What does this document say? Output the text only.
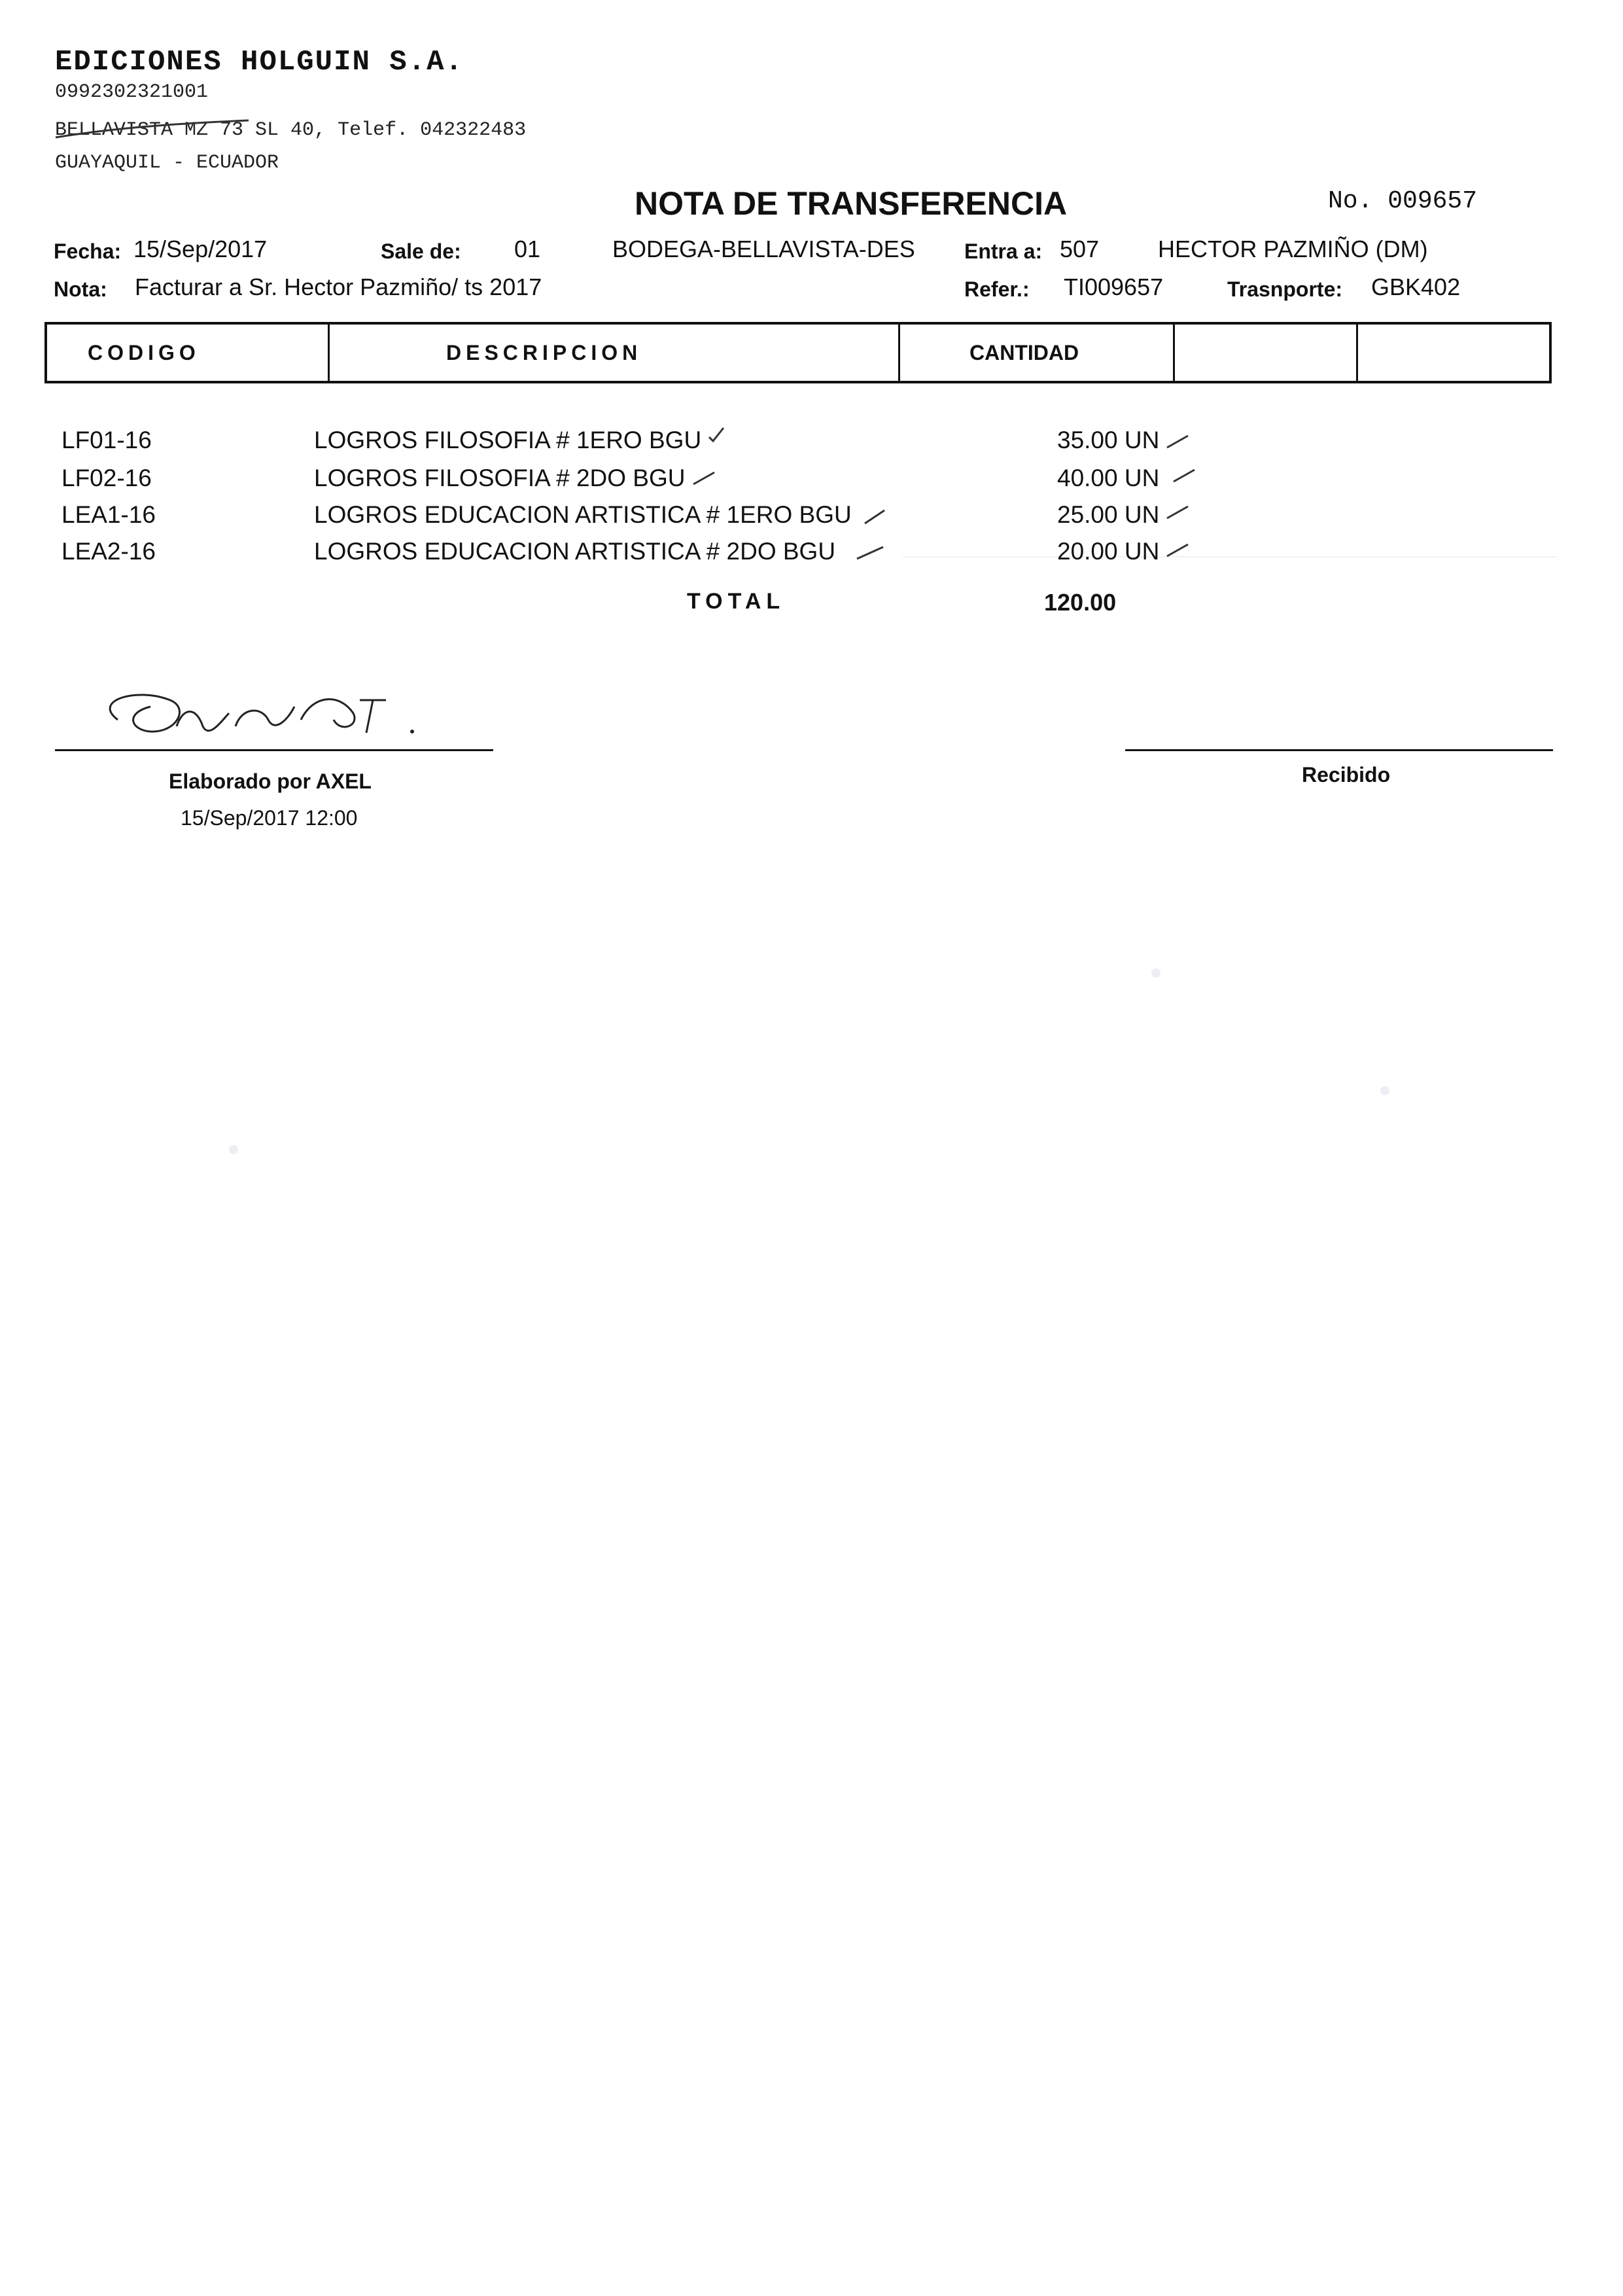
EDICIONES HOLGUIN S.A.
0992302321001
BELLAVISTA MZ 73 SL 40, Telef. 042322483
GUAYAQUIL - ECUADOR
NOTA DE TRANSFERENCIA	No. 009657
Fecha: 15/Sep/2017	Sale de: 01	BODEGA-BELLAVISTA-DES Entra a: 507 HECTOR PAZMIÑO (DM)
Nota: Facturar a Sr. Hector Pazmiño/ ts 2017	Refer.: TI009657	Trasnporte: GBK402
CODIGO	DESCRIPCION	CANTIDAD
LF01-16	LOGROS FILOSOFIA # 1ERO BGU	35.00 UN
LF02-16	LOGROS FILOSOFIA # 2DO BGU	40.00 UN
LEA1-16	LOGROS EDUCACION ARTISTICA # 1ERO BGU	25.00 UN
LEA2-16	LOGROS EDUCACION ARTISTICA # 2DO BGU	20.00 UN
TOTAL	120.00
Elaborado por AXEL
15/Sep/2017 12:00
Recibido
